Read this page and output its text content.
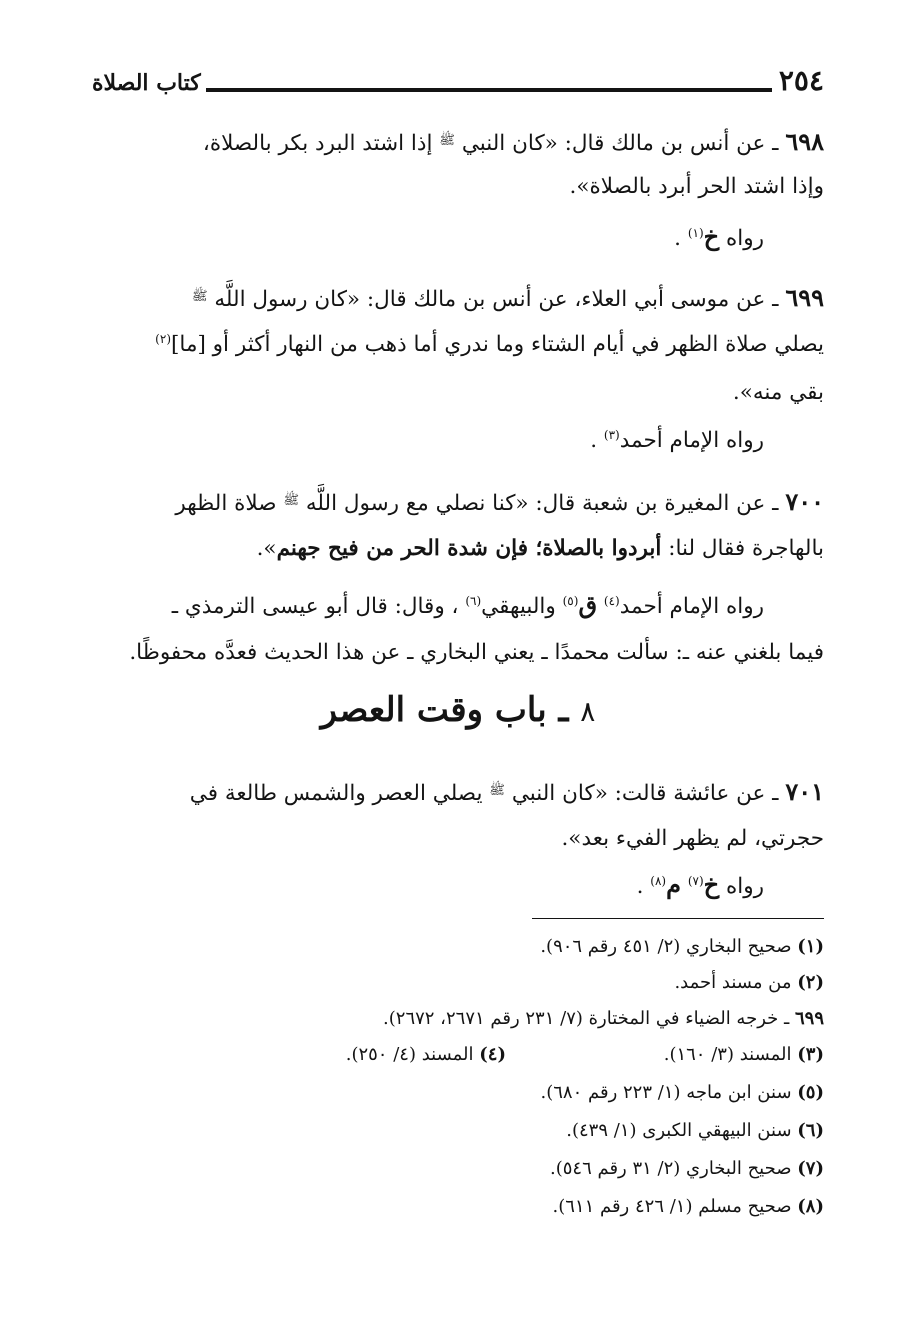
٢٥٤
كتاب الصلاة
٦٩٨ ـ عن أنس بن مالك قال: «كان النبي $^ﷺ$ إذا اشتد البرد بكر بالصلاة،
وإذا اشتد الحر أبرد بالصلاة».
رواه خ$^{(١)}$ .
٦٩٩ ـ عن موسى أبي العلاء، عن أنس بن مالك قال: «كان رسول اللَّه $^ﷺ$
يصلي صلاة الظهر في أيام الشتاء وما ندري أما ذهب من النهار أكثر أو [ما]$^{(٢)}$
بقي منه».
رواه الإمام أحمد$^{(٣)}$ .
٧٠٠ ـ عن المغيرة بن شعبة قال: «كنا نصلي مع رسول اللَّه $^ﷺ$ صلاة الظهر
بالهاجرة فقال لنا: أبردوا بالصلاة؛ فإن شدة الحر من فيح جهنم».
رواه الإمام أحمد$^{(٤)}$ ق$^{(٥)}$ والبيهقي$^{(٦)}$ ، وقال: قال أبو عيسى الترمذي ـ
فيما بلغني عنه ـ: سألت محمدًا ـ يعني البخاري ـ عن هذا الحديث فعدَّه محفوظًا.
٨ ـ باب وقت العصر
٧٠١ ـ عن عائشة قالت: «كان النبي $^ﷺ$ يصلي العصر والشمس طالعة في
حجرتي، لم يظهر الفيء بعد».
رواه خ$^{(٧)}$ م$^{(٨)}$ .
(١) صحيح البخاري (٢/ ٤٥١ رقم ٩٠٦).
(٢) من مسند أحمد.
٦٩٩ ـ خرجه الضياء في المختارة (٧/ ٢٣١ رقم ٢٦٧١، ٢٦٧٢).
(٣) المسند (٣/ ١٦٠).
(٤) المسند (٤/ ٢٥٠).
(٥) سنن ابن ماجه (١/ ٢٢٣ رقم ٦٨٠).
(٦) سنن البيهقي الكبرى (١/ ٤٣٩).
(٧) صحيح البخاري (٢/ ٣١ رقم ٥٤٦).
(٨) صحيح مسلم (١/ ٤٢٦ رقم ٦١١).
